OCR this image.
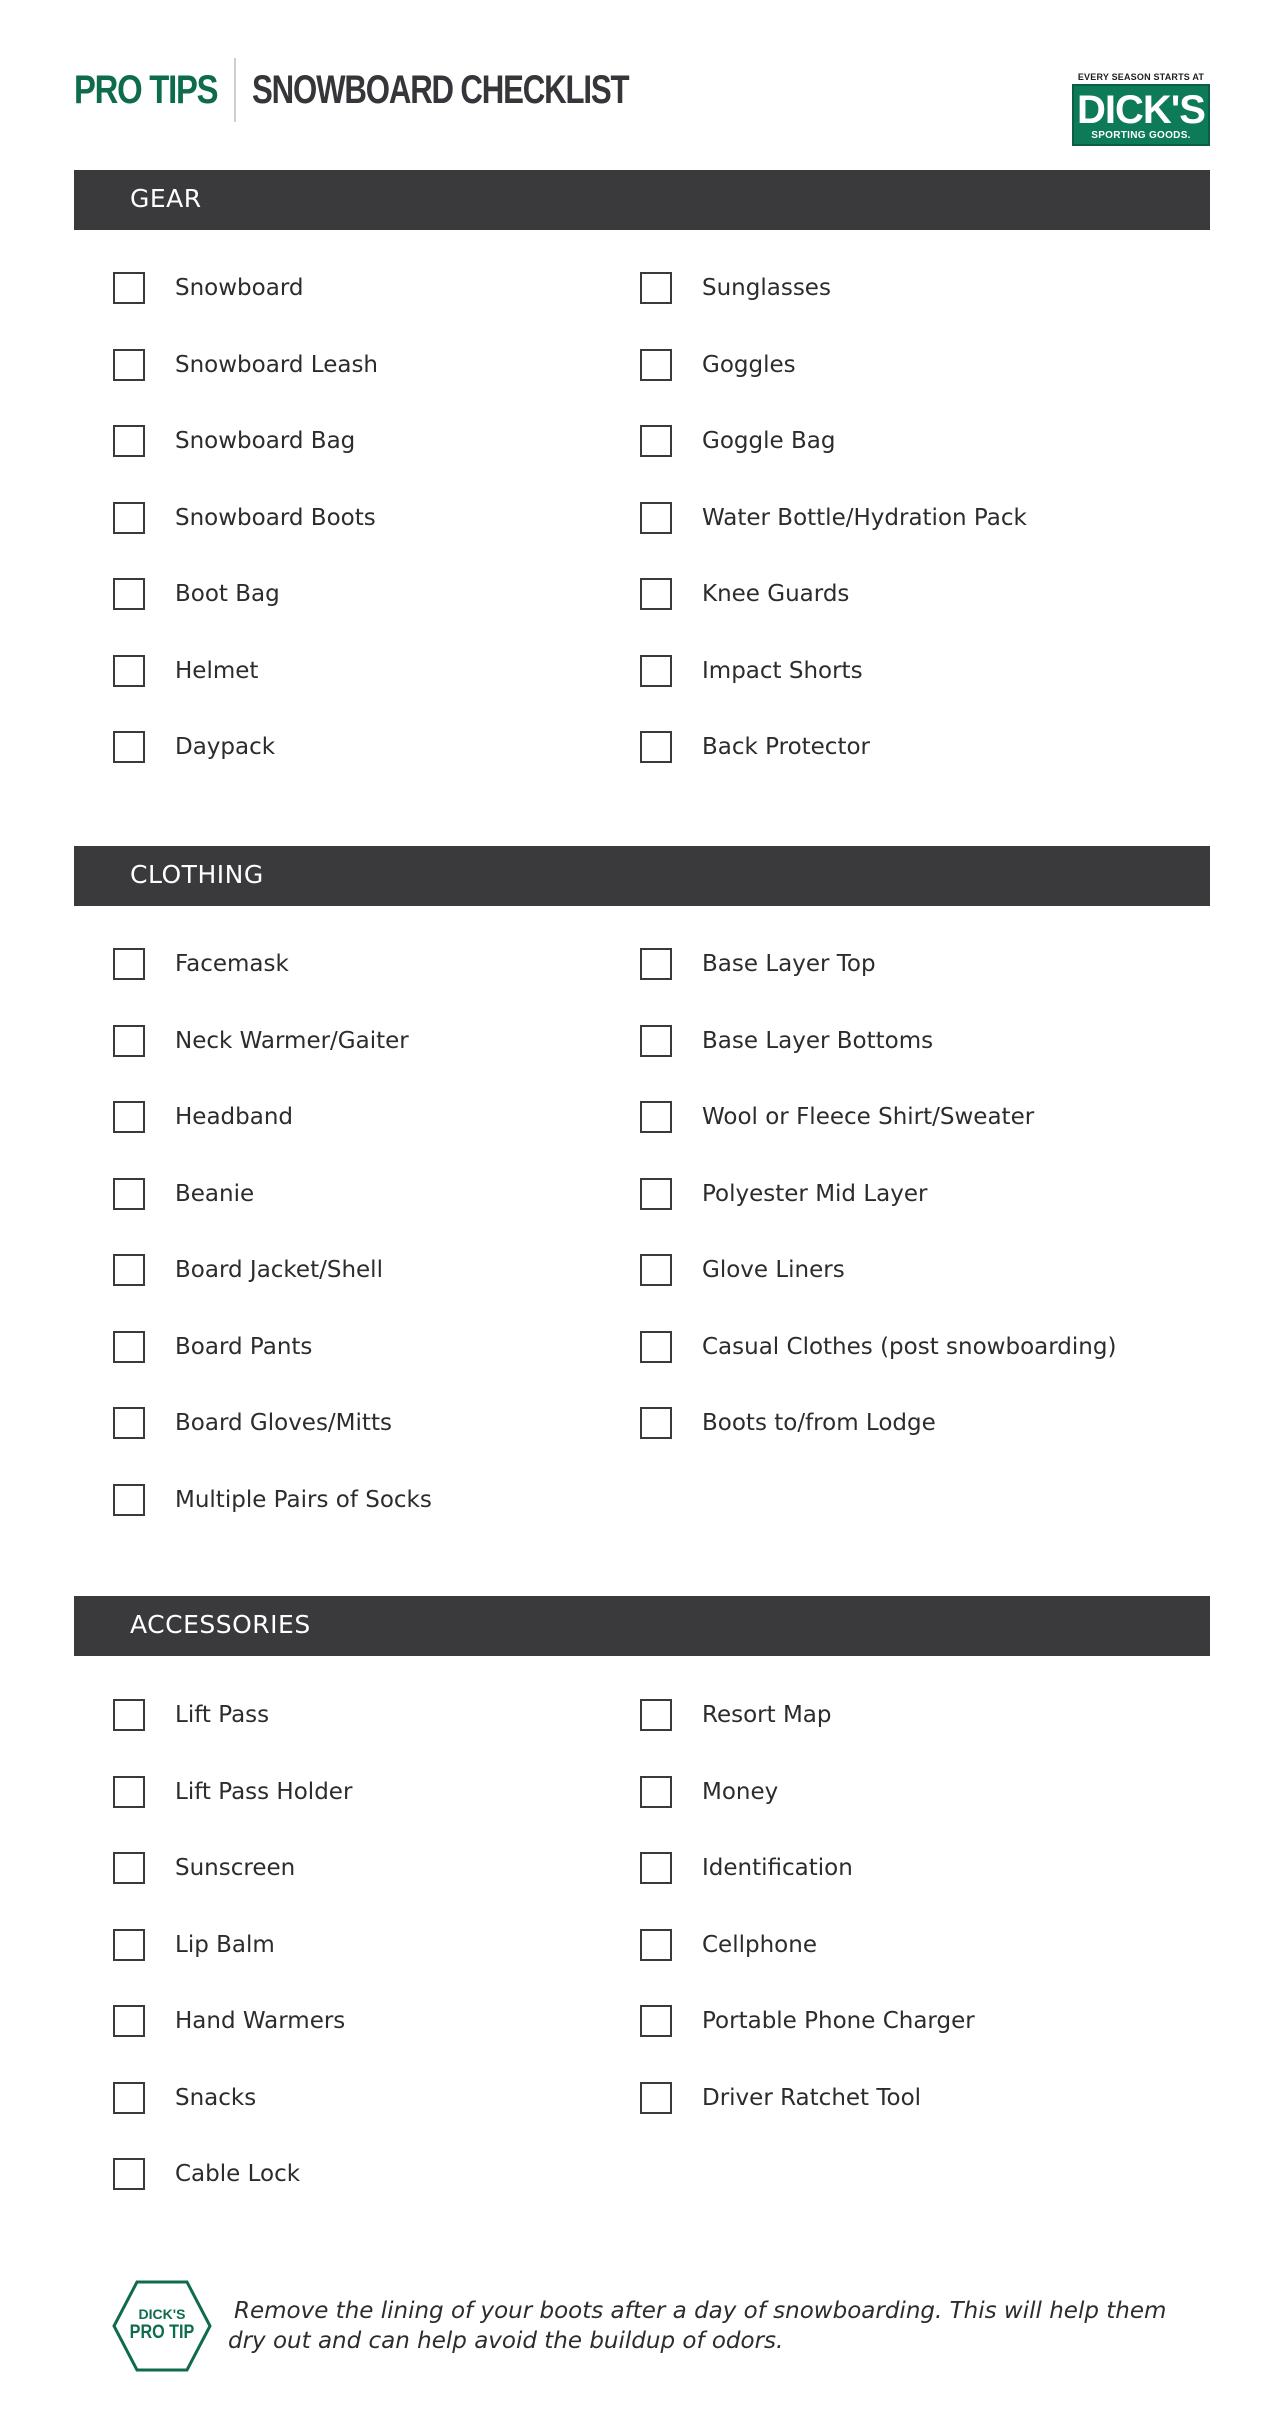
PRO TIPS SNOWBOARD CHECKLIST	EVERY SEASON STARTS AT
DICK'S
SPORTING GOODS.
GEAR
CLOTHING
ACCESSORIES
Snowboard
Snowboard Leash
Snowboard Bag
Snowboard Boots
Boot Bag
Helmet
Daypack
Sunglasses
Goggles
Goggle Bag
Water Bottle/Hydration Pack
Knee Guards
Impact Shorts
Back Protector
Facemask
Neck Warmer/Gaiter
Headband
Beanie
Board Jacket/Shell
Board Pants
Board Gloves/Mitts
Multiple Pairs of Socks
Base Layer Top
Base Layer Bottoms
Wool or Fleece Shirt/Sweater
Polyester Mid Layer
Glove Liners
Casual Clothes (post snowboarding)
Boots to/from Lodge
Lift Pass
Lift Pass Holder
Sunscreen
Lip Balm
Hand Warmers
Snacks
Cable Lock
Resort Map
Money
Identification
Cellphone
Portable Phone Charger
Driver Ratchet Tool
DICK'S
PRO TIP
Remove the lining of your boots after a day of snowboarding. This will help them dry out and can help avoid the buildup of odors.
